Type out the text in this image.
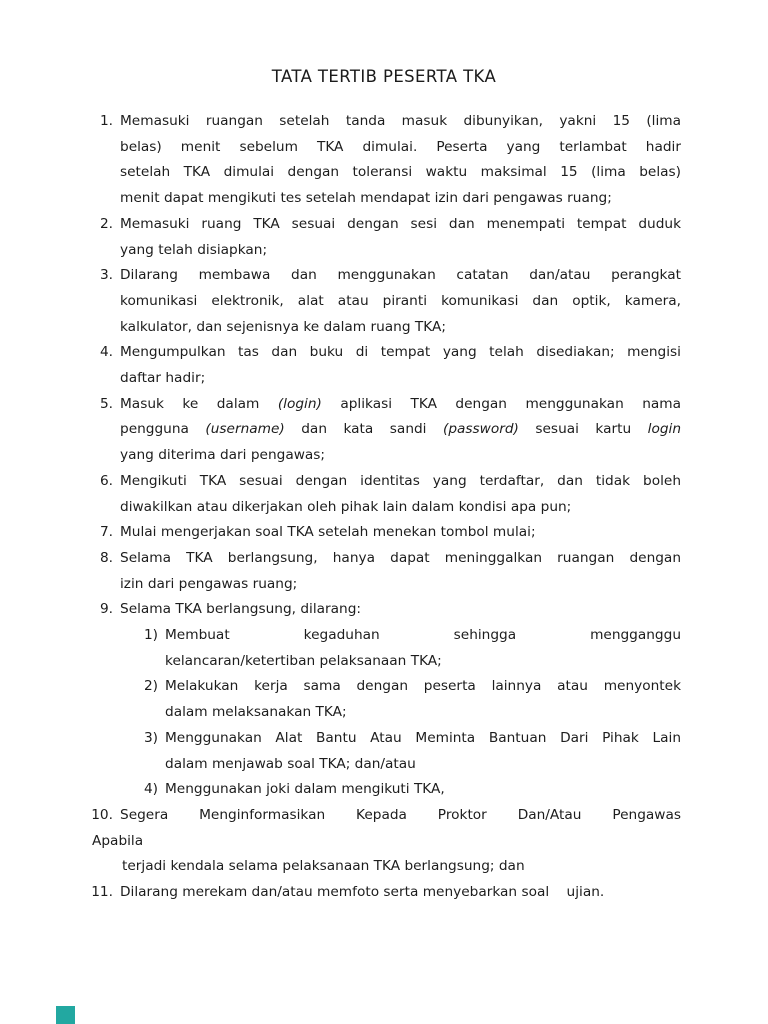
TATA TERTIB PESERTA TKA
1. Memasuki ruangan setelah tanda masuk dibunyikan, yakni 15 (lima
belas) menit sebelum TKA dimulai. Peserta yang terlambat hadir
setelah TKA dimulai dengan toleransi waktu maksimal 15 (lima belas)
menit dapat mengikuti tes setelah mendapat izin dari pengawas ruang;
2. Memasuki ruang TKA sesuai dengan sesi dan menempati tempat duduk
yang telah disiapkan;
3. Dilarang membawa dan menggunakan catatan dan/atau perangkat
komunikasi elektronik, alat atau piranti komunikasi dan optik, kamera,
kalkulator, dan sejenisnya ke dalam ruang TKA;
4. Mengumpulkan tas dan buku di tempat yang telah disediakan; mengisi
daftar hadir;
5. Masuk ke dalam (login) aplikasi TKA dengan menggunakan nama
pengguna (username) dan kata sandi (password) sesuai kartu login
yang diterima dari pengawas;
6. Mengikuti TKA sesuai dengan identitas yang terdaftar, dan tidak boleh
diwakilkan atau dikerjakan oleh pihak lain dalam kondisi apa pun;
7. Mulai mengerjakan soal TKA setelah menekan tombol mulai;
8. Selama TKA berlangsung, hanya dapat meninggalkan ruangan dengan
izin dari pengawas ruang;
9. Selama TKA berlangsung, dilarang:
1) Membuat kegaduhan sehingga mengganggu
kelancaran/ketertiban pelaksanaan TKA;
2) Melakukan kerja sama dengan peserta lainnya atau menyontek
dalam melaksanakan TKA;
3) Menggunakan Alat Bantu Atau Meminta Bantuan Dari Pihak Lain
dalam menjawab soal TKA; dan/atau
4) Menggunakan joki dalam mengikuti TKA,
10. Segera Menginformasikan Kepada Proktor Dan/Atau Pengawas
Apabila
terjadi kendala selama pelaksanaan TKA berlangsung; dan
11. Dilarang merekam dan/atau memfoto serta menyebarkan soal    ujian.
